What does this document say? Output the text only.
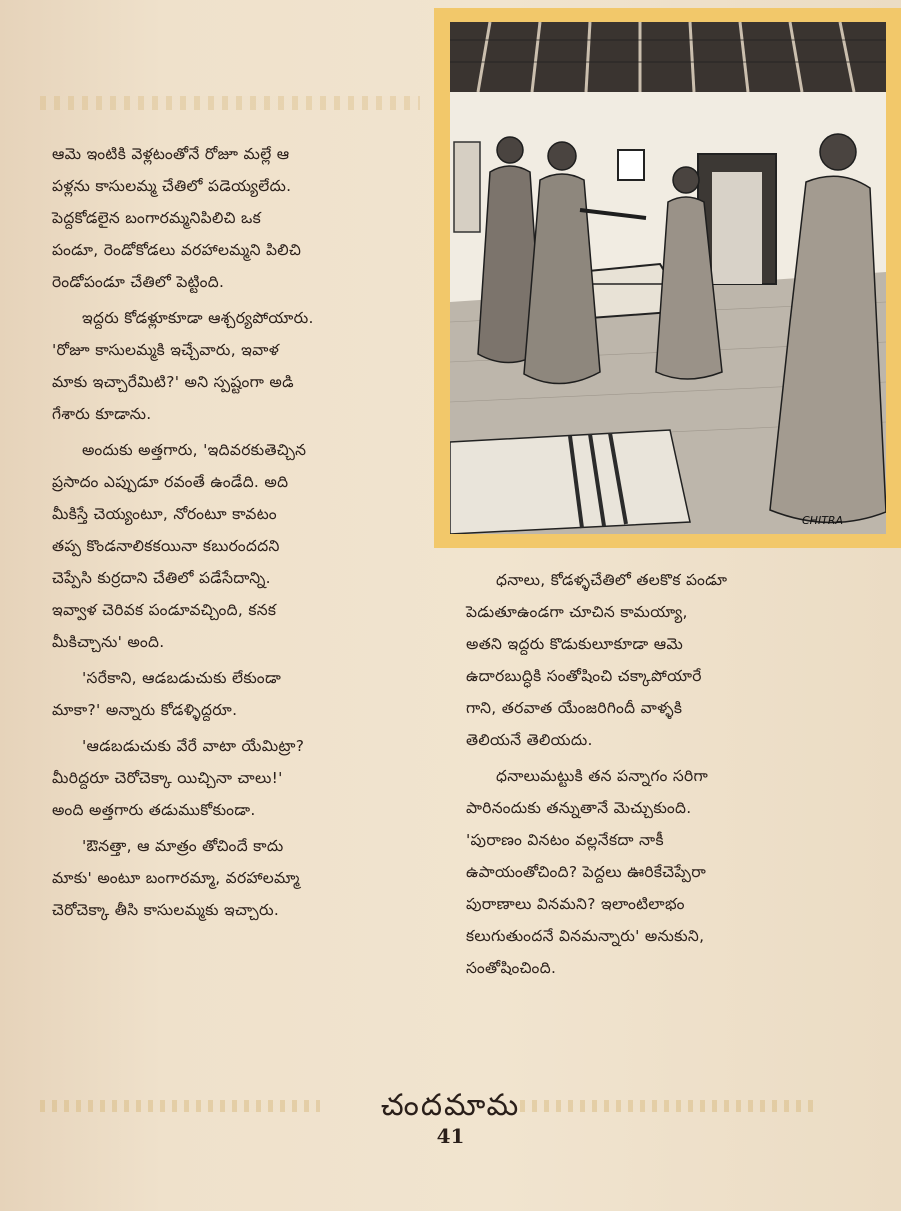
CHITRA

ఆమె ఇంటికి వెళ్లటంతోనే రోజూ మల్లే ఆ

పళ్లను కాసులమ్మ చేతిలో పడెయ్యలేదు.

పెద్దకోడలైన బంగారమ్మనిపిలిచి ఒక

పండూ, రెండోకోడలు వరహాలమ్మని పిలిచి

రెండోపండూ చేతిలో పెట్టింది.

ఇద్దరు కోడళ్లూకూడా ఆశ్చర్యపోయారు.

'రోజూ కాసులమ్మకి ఇచ్చేవారు, ఇవాళ

మాకు ఇచ్చారేమిటి?' అని స్పష్టంగా అడి

గేశారు కూడాను.

అందుకు అత్తగారు, 'ఇదివరకుతెచ్చిన

ప్రసాదం ఎప్పుడూ రవంతే ఉండేది. అది

మీకిస్తే చెయ్యంటూ, నోరంటూ కావటం

తప్ప కొండనాలికకయినా కబురందదని

చెప్పేసి కుర్రదాని చేతిలో పడేసేదాన్ని.

ఇవ్వాళ చెరివక పండూవచ్చింది, కనక

మీకిచ్చాను' అంది.

'సరేకాని, ఆడబడుచుకు లేకుండా

మాకా?' అన్నారు కోడళ్ళిద్దరూ.

'ఆడబడుచుకు వేరే వాటా యేమిట్రా?

మీరిద్దరూ చెరోచెక్కా యిచ్చినా చాలు!'

అంది అత్తగారు తడుముకోకుండా.

'ఔనత్తా, ఆ మాత్రం తోచిందే కాదు

మాకు' అంటూ బంగారమ్మా, వరహాలమ్మా

చెరోచెక్కా తీసి కాసులమ్మకు ఇచ్చారు.

ధనాలు, కోడళ్ళచేతిలో తలకొక పండూ

పెడుతూఉండగా చూచిన కామయ్యా,

అతని ఇద్దరు కొడుకులూకూడా ఆమె

ఉదారబుద్ధికి సంతోషించి చక్కాపోయారే

గాని, తరవాత యేంజరిగిందీ వాళ్ళకి

తెలియనే తెలియదు.

ధనాలుమట్టుకి తన పన్నాగం సరిగా

పారినందుకు తన్నుతానే మెచ్చుకుంది.

'పురాణం వినటం వల్లనేకదా నాకీ

ఉపాయంతోచింది? పెద్దలు ఊరికేచెప్పేరా

పురాణాలు వినమని? ఇలాంటిలాభం

కలుగుతుందనే వినమన్నారు' అనుకుని,

సంతోషించింది.

చందమామ
41
